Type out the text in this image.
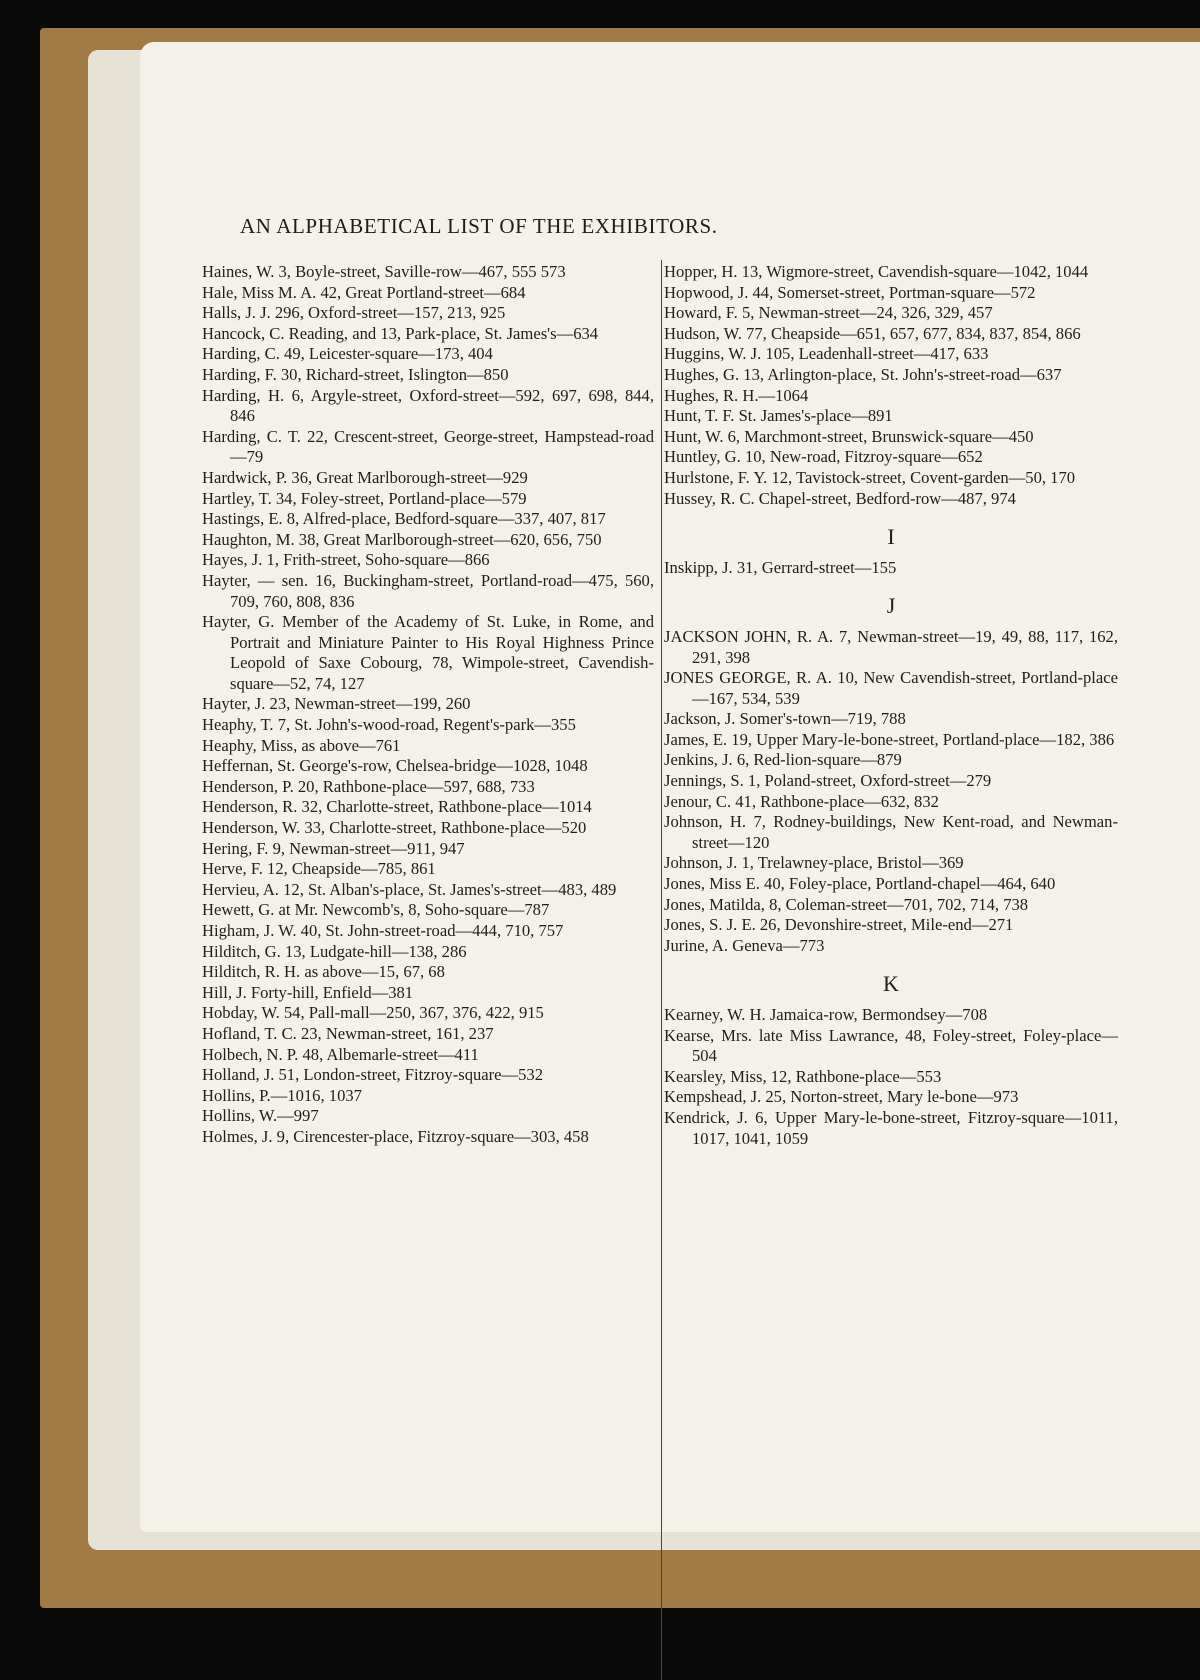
AN ALPHABETICAL LIST OF THE EXHIBITORS.
Haines, W. 3, Boyle-street, Saville-row—467, 555 573
Hale, Miss M. A. 42, Great Portland-street—684
Halls, J. J. 296, Oxford-street—157, 213, 925
Hancock, C. Reading, and 13, Park-place, St. James's—634
Harding, C. 49, Leicester-square—173, 404
Harding, F. 30, Richard-street, Islington—850
Harding, H. 6, Argyle-street, Oxford-street—592, 697, 698, 844, 846
Harding, C. T. 22, Crescent-street, George-street, Hampstead-road—79
Hardwick, P. 36, Great Marlborough-street—929
Hartley, T. 34, Foley-street, Portland-place—579
Hastings, E. 8, Alfred-place, Bedford-square—337, 407, 817
Haughton, M. 38, Great Marlborough-street—620, 656, 750
Hayes, J. 1, Frith-street, Soho-square—866
Hayter, — sen. 16, Buckingham-street, Portland-road—475, 560, 709, 760, 808, 836
Hayter, G. Member of the Academy of St. Luke, in Rome, and Portrait and Miniature Painter to His Royal Highness Prince Leopold of Saxe Cobourg, 78, Wimpole-street, Cavendish-square—52, 74, 127
Hayter, J. 23, Newman-street—199, 260
Heaphy, T. 7, St. John's-wood-road, Regent's-park—355
Heaphy, Miss, as above—761
Heffernan, St. George's-row, Chelsea-bridge—1028, 1048
Henderson, P. 20, Rathbone-place—597, 688, 733
Henderson, R. 32, Charlotte-street, Rathbone-place—1014
Henderson, W. 33, Charlotte-street, Rathbone-place—520
Hering, F. 9, Newman-street—911, 947
Herve, F. 12, Cheapside—785, 861
Hervieu, A. 12, St. Alban's-place, St. James's-street—483, 489
Hewett, G. at Mr. Newcomb's, 8, Soho-square—787
Higham, J. W. 40, St. John-street-road—444, 710, 757
Hilditch, G. 13, Ludgate-hill—138, 286
Hilditch, R. H. as above—15, 67, 68
Hill, J. Forty-hill, Enfield—381
Hobday, W. 54, Pall-mall—250, 367, 376, 422, 915
Hofland, T. C. 23, Newman-street, 161, 237
Holbech, N. P. 48, Albemarle-street—411
Holland, J. 51, London-street, Fitzroy-square—532
Hollins, P.—1016, 1037
Hollins, W.—997
Holmes, J. 9, Cirencester-place, Fitzroy-square—303, 458
Hopper, H. 13, Wigmore-street, Cavendish-square—1042, 1044
Hopwood, J. 44, Somerset-street, Portman-square—572
Howard, F. 5, Newman-street—24, 326, 329, 457
Hudson, W. 77, Cheapside—651, 657, 677, 834, 837, 854, 866
Huggins, W. J. 105, Leadenhall-street—417, 633
Hughes, G. 13, Arlington-place, St. John's-street-road—637
Hughes, R. H.—1064
Hunt, T. F. St. James's-place—891
Hunt, W. 6, Marchmont-street, Brunswick-square—450
Huntley, G. 10, New-road, Fitzroy-square—652
Hurlstone, F. Y. 12, Tavistock-street, Covent-garden—50, 170
Hussey, R. C. Chapel-street, Bedford-row—487, 974
I
Inskipp, J. 31, Gerrard-street—155
J
JACKSON JOHN, R. A. 7, Newman-street—19, 49, 88, 117, 162, 291, 398
JONES GEORGE, R. A. 10, New Cavendish-street, Portland-place—167, 534, 539
Jackson, J. Somer's-town—719, 788
James, E. 19, Upper Mary-le-bone-street, Portland-place—182, 386
Jenkins, J. 6, Red-lion-square—879
Jennings, S. 1, Poland-street, Oxford-street—279
Jenour, C. 41, Rathbone-place—632, 832
Johnson, H. 7, Rodney-buildings, New Kent-road, and Newman-street—120
Johnson, J. 1, Trelawney-place, Bristol—369
Jones, Miss E. 40, Foley-place, Portland-chapel—464, 640
Jones, Matilda, 8, Coleman-street—701, 702, 714, 738
Jones, S. J. E. 26, Devonshire-street, Mile-end—271
Jurine, A. Geneva—773
K
Kearney, W. H. Jamaica-row, Bermondsey—708
Kearse, Mrs. late Miss Lawrance, 48, Foley-street, Foley-place—504
Kearsley, Miss, 12, Rathbone-place—553
Kempshead, J. 25, Norton-street, Mary le-bone—973
Kendrick, J. 6, Upper Mary-le-bone-street, Fitzroy-square—1011, 1017, 1041, 1059
